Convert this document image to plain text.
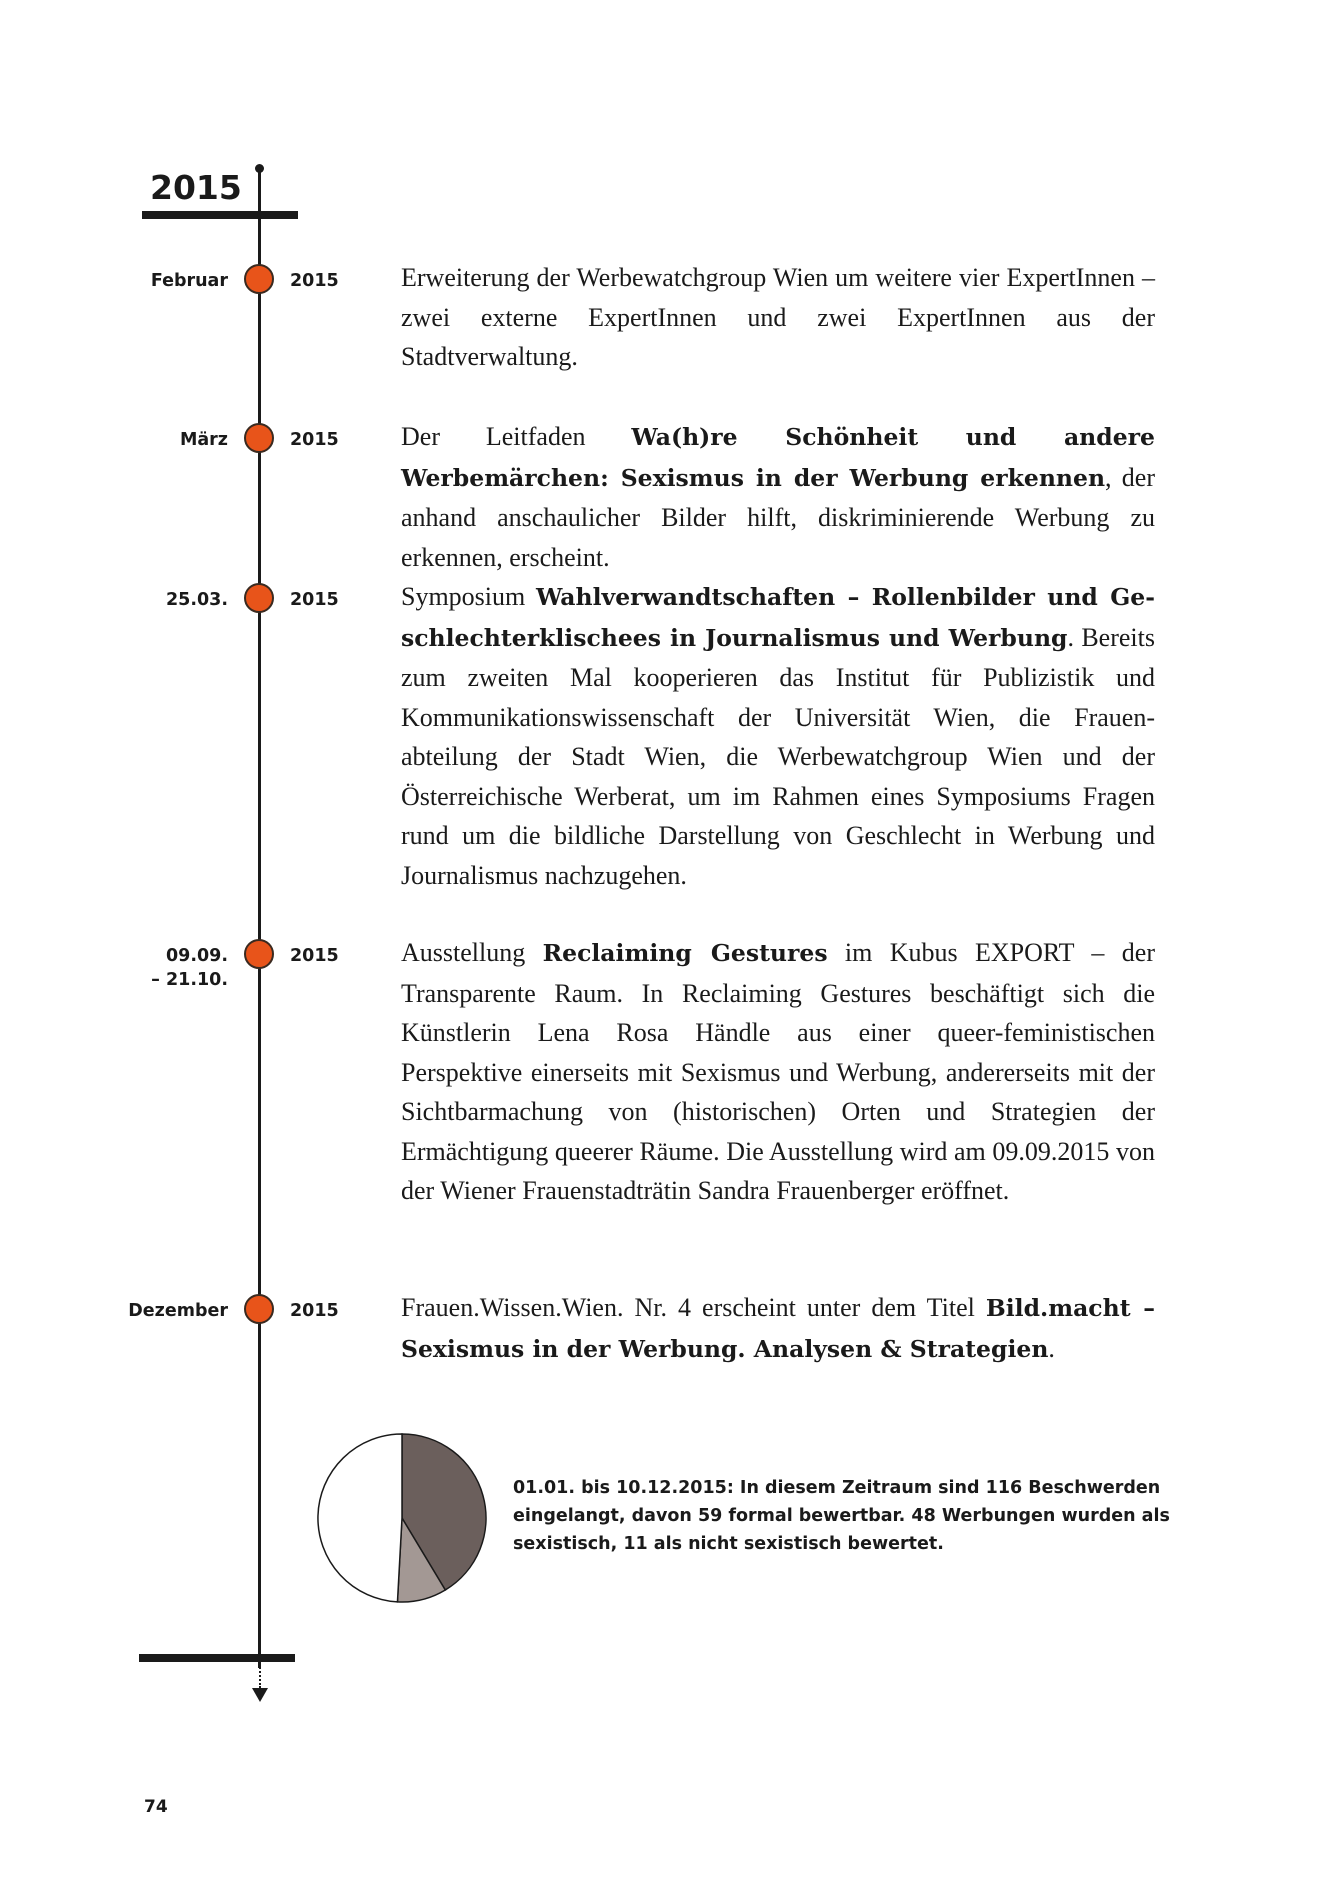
2015
Februar	2015 Erweiterung der Werbewatchgroup Wien um weitere vier ExpertInnen – zwei externe ExpertInnen und zwei ExpertInnen aus der Stadtverwaltung.

März	2015 Der Leitfaden Wa(h)re Schönheit und andere Werbemärchen: Sexismus in der Werbung erkennen, der anhand anschaulicher Bilder hilft, diskriminierende Werbung zu erkennen, erscheint.

25.03.	2015 Symposium Wahlverwandtschaften – Rollenbilder und Geschlechterklischees in Journalismus und Werbung. Bereits zum zweiten Mal kooperieren das Institut für Publizistik und Kommunikationswissenschaft der Universität Wien, die Frauenabteilung der Stadt Wien, die Werbewatchgroup Wien und der Österreichische Werberat, um im Rahmen eines Symposiums Fragen rund um die bildliche Darstellung von Geschlecht in Werbung und Journalismus nachzugehen.

09.09.
– 21.10.
2015 Ausstellung Reclaiming Gestures im Kubus EXPORT – der Transparente Raum. In Reclaiming Gestures beschäftigt sich die Künstlerin Lena Rosa Händle aus einer queer-feministischen Perspektive einerseits mit Sexismus und Werbung, andererseits mit der Sichtbarmachung von (historischen) Orten und Strategien der Ermächtigung queerer Räume. Die Ausstellung wird am 09.09.2015 von der Wiener Frauenstadträtin Sandra Frauenberger eröffnet.

Dezember	2015 Frauen.Wissen.Wien. Nr. 4 erscheint unter dem Titel Bild.macht – Sexismus in der Werbung. Analysen & Strategien.

01.01. bis 10.12.2015: In diesem Zeitraum sind 116 Beschwerden eingelangt, davon 59 formal bewertbar. 48 Werbungen wurden als sexistisch, 11 als nicht sexistisch bewertet.

74
